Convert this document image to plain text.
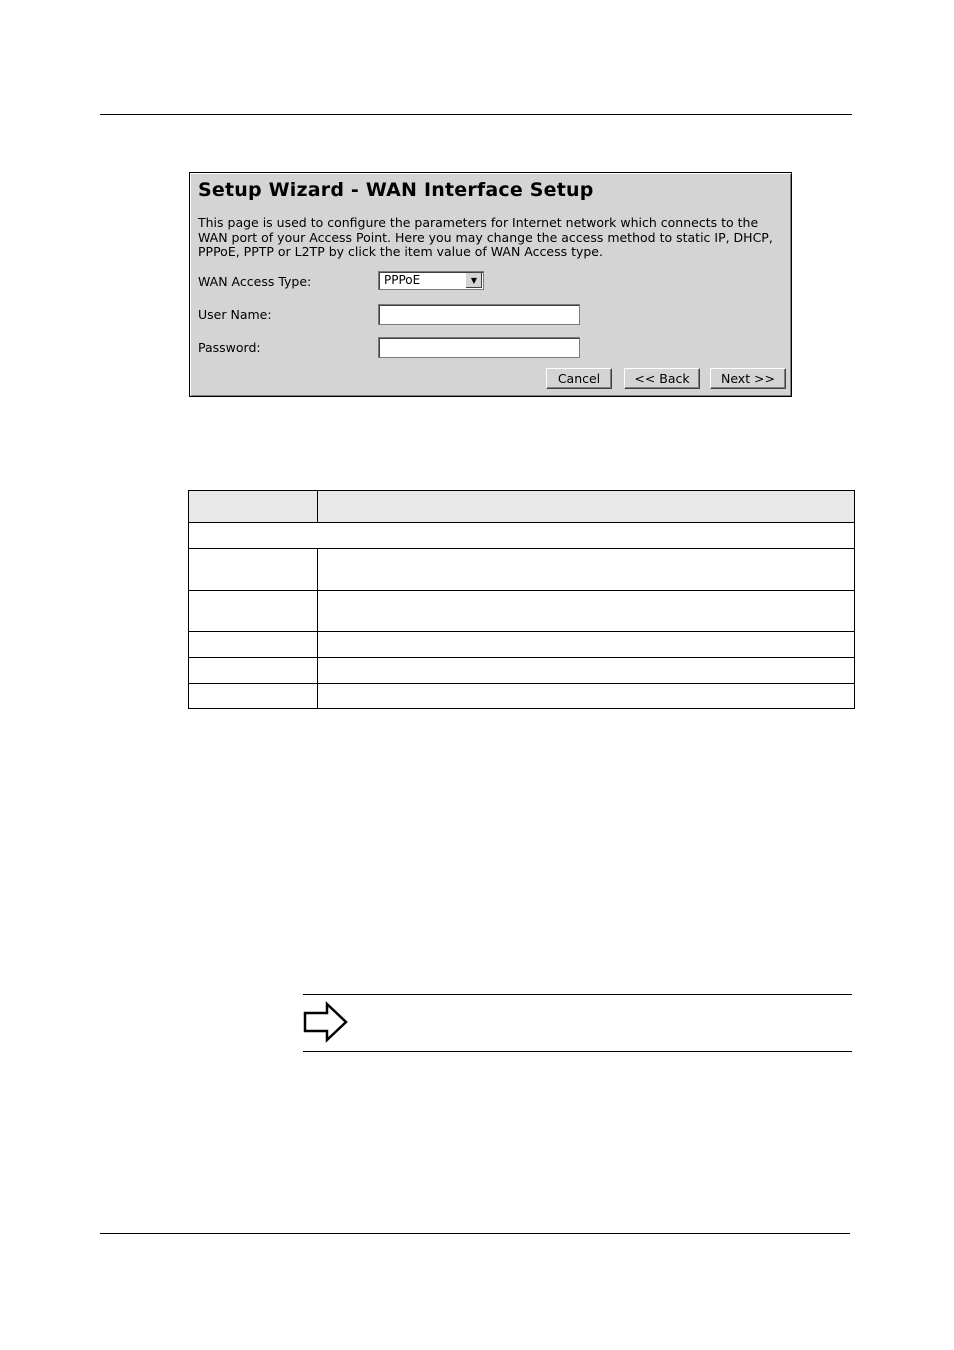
Setup Wizard - WAN Interface Setup
This page is used to configure the parameters for Internet network which connects to the WAN port of your Access Point. Here you may change the access method to static IP, DHCP, PPPoE, PPTP or L2TP by click the item value of WAN Access type.
WAN Access Type:	PPPoE	▼
User Name:
Password:
Cancel	<< Back	Next >>
